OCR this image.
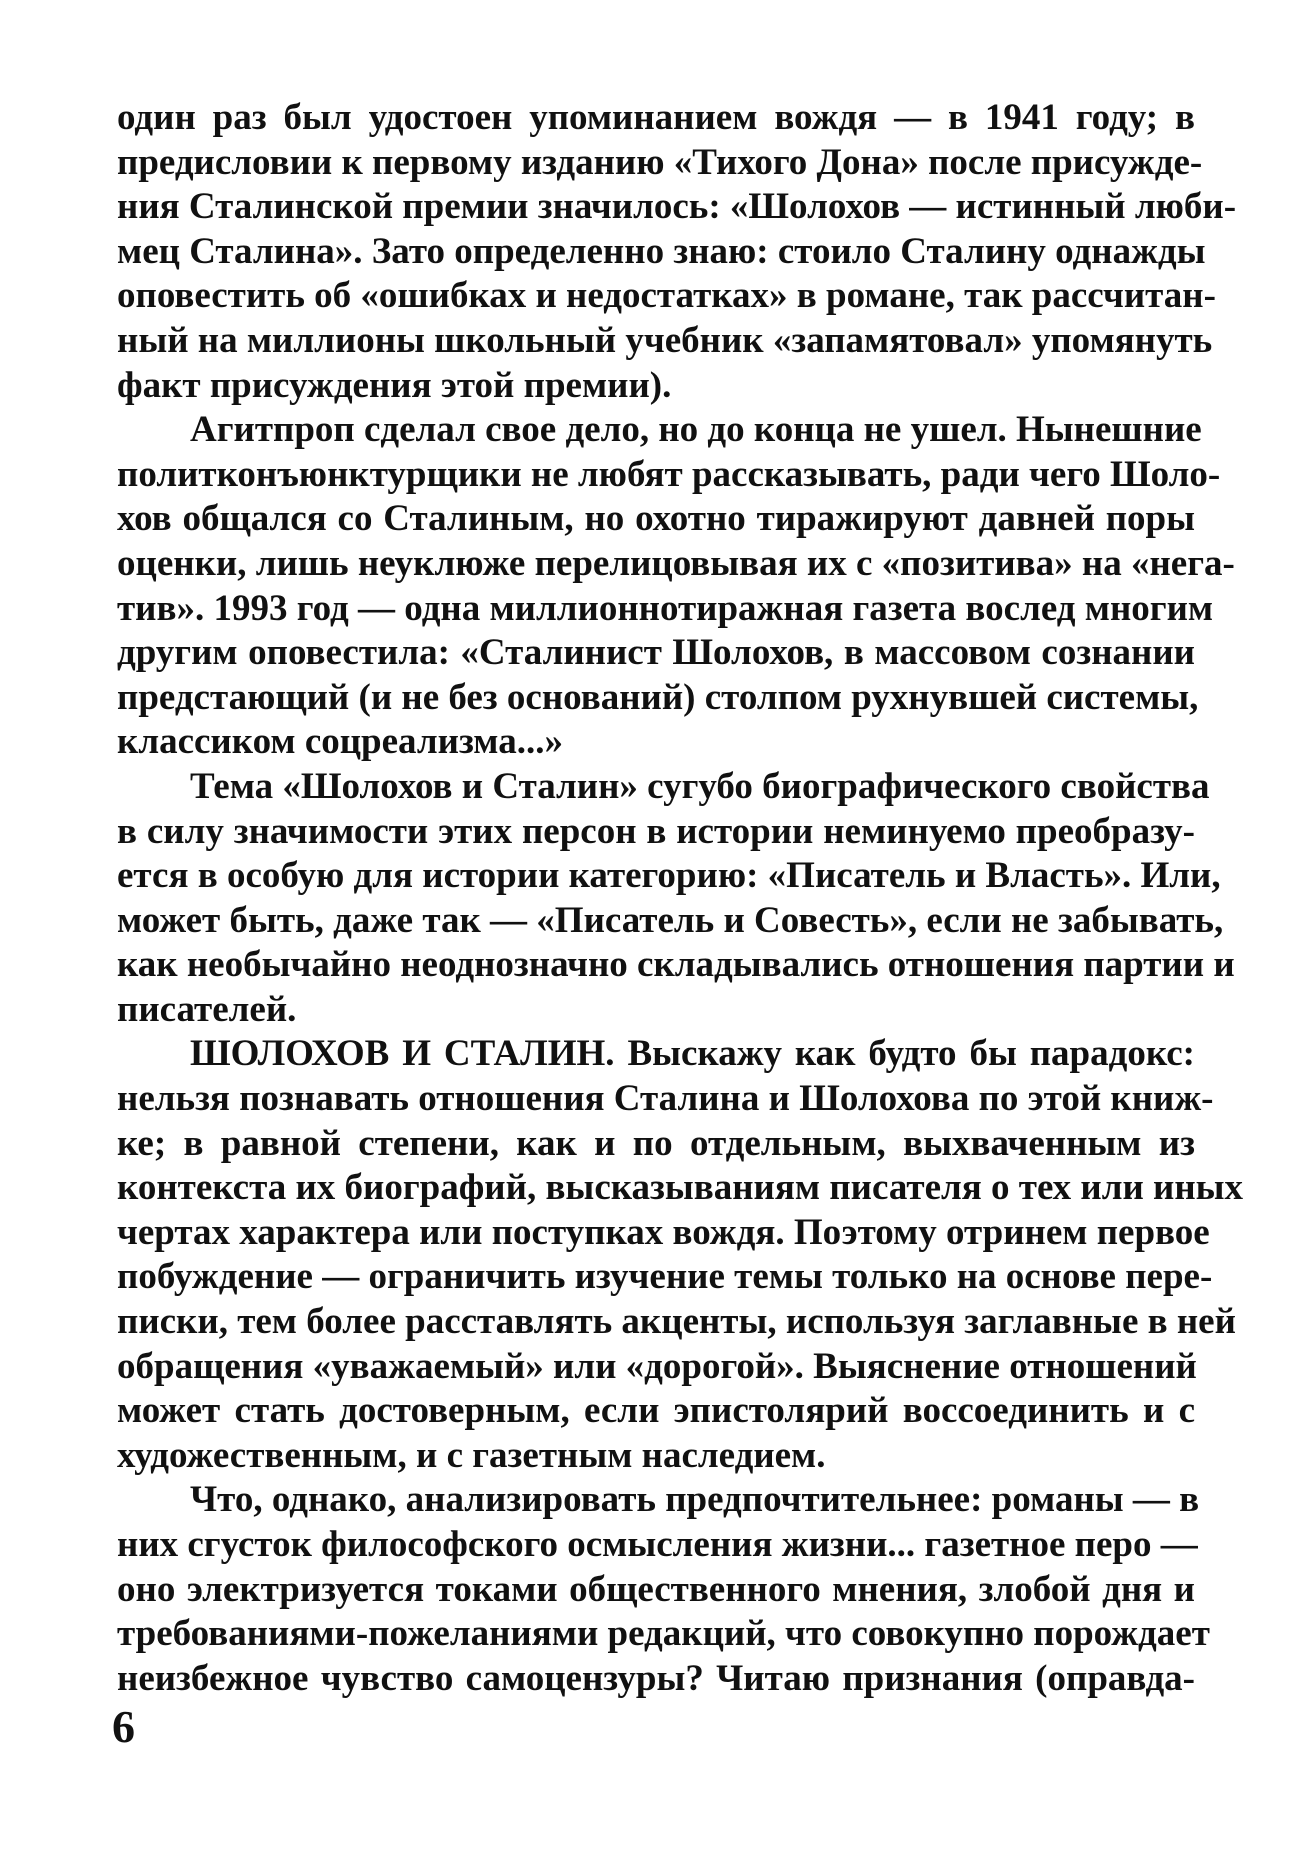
один раз был удостоен упоминанием вождя — в 1941 году; в
предисловии к первому изданию «Тихого Дона» после присужде-
ния Сталинской премии значилось: «Шолохов — истинный люби-
мец Сталина». Зато определенно знаю: стоило Сталину однажды
оповестить об «ошибках и недостатках» в романе, так рассчитан-
ный на миллионы школьный учебник «запамятовал» упомянуть
факт присуждения этой премии).

Агитпроп сделал свое дело, но до конца не ушел. Нынешние
политконъюнктурщики не любят рассказывать, ради чего Шоло-
хов общался со Сталиным, но охотно тиражируют давней поры
оценки, лишь неуклюже перелицовывая их с «позитива» на «нега-
тив». 1993 год — одна миллионнотиражная газета вослед многим
другим оповестила: «Сталинист Шолохов, в массовом сознании
предстающий (и не без оснований) столпом рухнувшей системы,
классиком соцреализма...»

Тема «Шолохов и Сталин» сугубо биографического свойства
в силу значимости этих персон в истории неминуемо преобразу-
ется в особую для истории категорию: «Писатель и Власть». Или,
может быть, даже так — «Писатель и Совесть», если не забывать,
как необычайно неоднозначно складывались отношения партии и
писателей.

ШОЛОХОВ И СТАЛИН. Выскажу как будто бы парадокс:
нельзя познавать отношения Сталина и Шолохова по этой книж-
ке; в равной степени, как и по отдельным, выхваченным из
контекста их биографий, высказываниям писателя о тех или иных
чертах характера или поступках вождя. Поэтому отринем первое
побуждение — ограничить изучение темы только на основе пере-
писки, тем более расставлять акценты, используя заглавные в ней
обращения «уважаемый» или «дорогой». Выяснение отношений
может стать достоверным, если эпистолярий воссоединить и с
художественным, и с газетным наследием.

Что, однако, анализировать предпочтительнее: романы — в
них сгусток философского осмысления жизни... газетное перо —
оно электризуется токами общественного мнения, злобой дня и
требованиями-пожеланиями редакций, что совокупно порождает
неизбежное чувство самоцензуры? Читаю признания (оправда-

6
